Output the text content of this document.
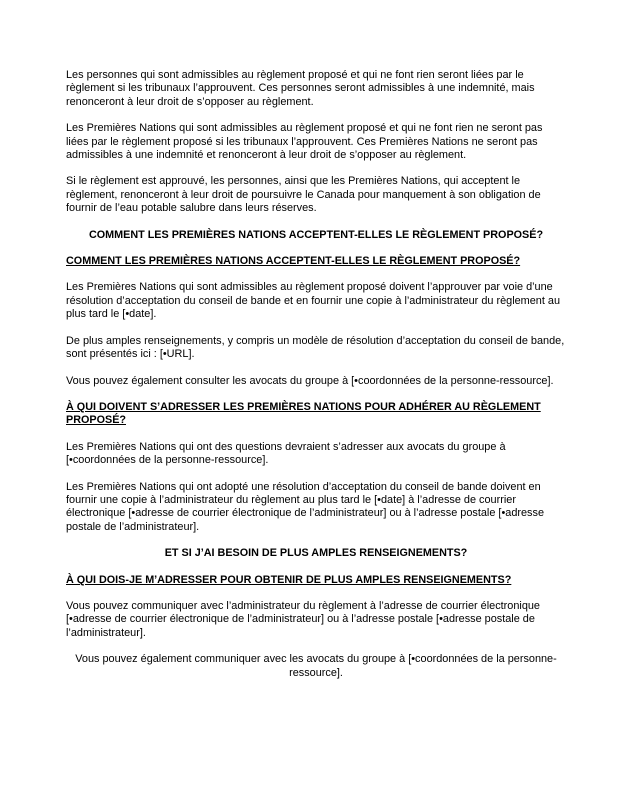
Les personnes qui sont admissibles au règlement proposé et qui ne font rien seront liées par le règlement si les tribunaux l’approuvent. Ces personnes seront admissibles à une indemnité, mais renonceront à leur droit de s’opposer au règlement.

Les Premières Nations qui sont admissibles au règlement proposé et qui ne font rien ne seront pas liées par le règlement proposé si les tribunaux l’approuvent. Ces Premières Nations ne seront pas admissibles à une indemnité et renonceront à leur droit de s’opposer au règlement.

Si le règlement est approuvé, les personnes, ainsi que les Premières Nations, qui acceptent le règlement, renonceront à leur droit de poursuivre le Canada pour manquement à son obligation de fournir de l’eau potable salubre dans leurs réserves.

COMMENT LES PREMIÈRES NATIONS ACCEPTENT-ELLES LE RÈGLEMENT PROPOSÉ?
COMMENT LES PREMIÈRES NATIONS ACCEPTENT-ELLES LE RÈGLEMENT PROPOSÉ?

Les Premières Nations qui sont admissibles au règlement proposé doivent l’approuver par voie d’une résolution d’acceptation du conseil de bande et en fournir une copie à l’administrateur du règlement au plus tard le [•date].

De plus amples renseignements, y compris un modèle de résolution d’acceptation du conseil de bande, sont présentés ici : [•URL].

Vous pouvez également consulter les avocats du groupe à [•coordonnées de la personne-ressource].

À QUI DOIVENT S’ADRESSER LES PREMIÈRES NATIONS POUR ADHÉRER AU RÈGLEMENT PROPOSÉ?

Les Premières Nations qui ont des questions devraient s’adresser aux avocats du groupe à [•coordonnées de la personne-ressource].

Les Premières Nations qui ont adopté une résolution d’acceptation du conseil de bande doivent en fournir une copie à l’administrateur du règlement au plus tard le [•date] à l’adresse de courrier électronique [•adresse de courrier électronique de l’administrateur] ou à l’adresse postale [•adresse postale de l’administrateur].

ET SI J’AI BESOIN DE PLUS AMPLES RENSEIGNEMENTS?
À QUI DOIS-JE M’ADRESSER POUR OBTENIR DE PLUS AMPLES RENSEIGNEMENTS?

Vous pouvez communiquer avec l’administrateur du règlement à l’adresse de courrier électronique [•adresse de courrier électronique de l’administrateur] ou à l’adresse postale [•adresse postale de l’administrateur].

Vous pouvez également communiquer avec les avocats du groupe à [•coordonnées de la personne-ressource].
